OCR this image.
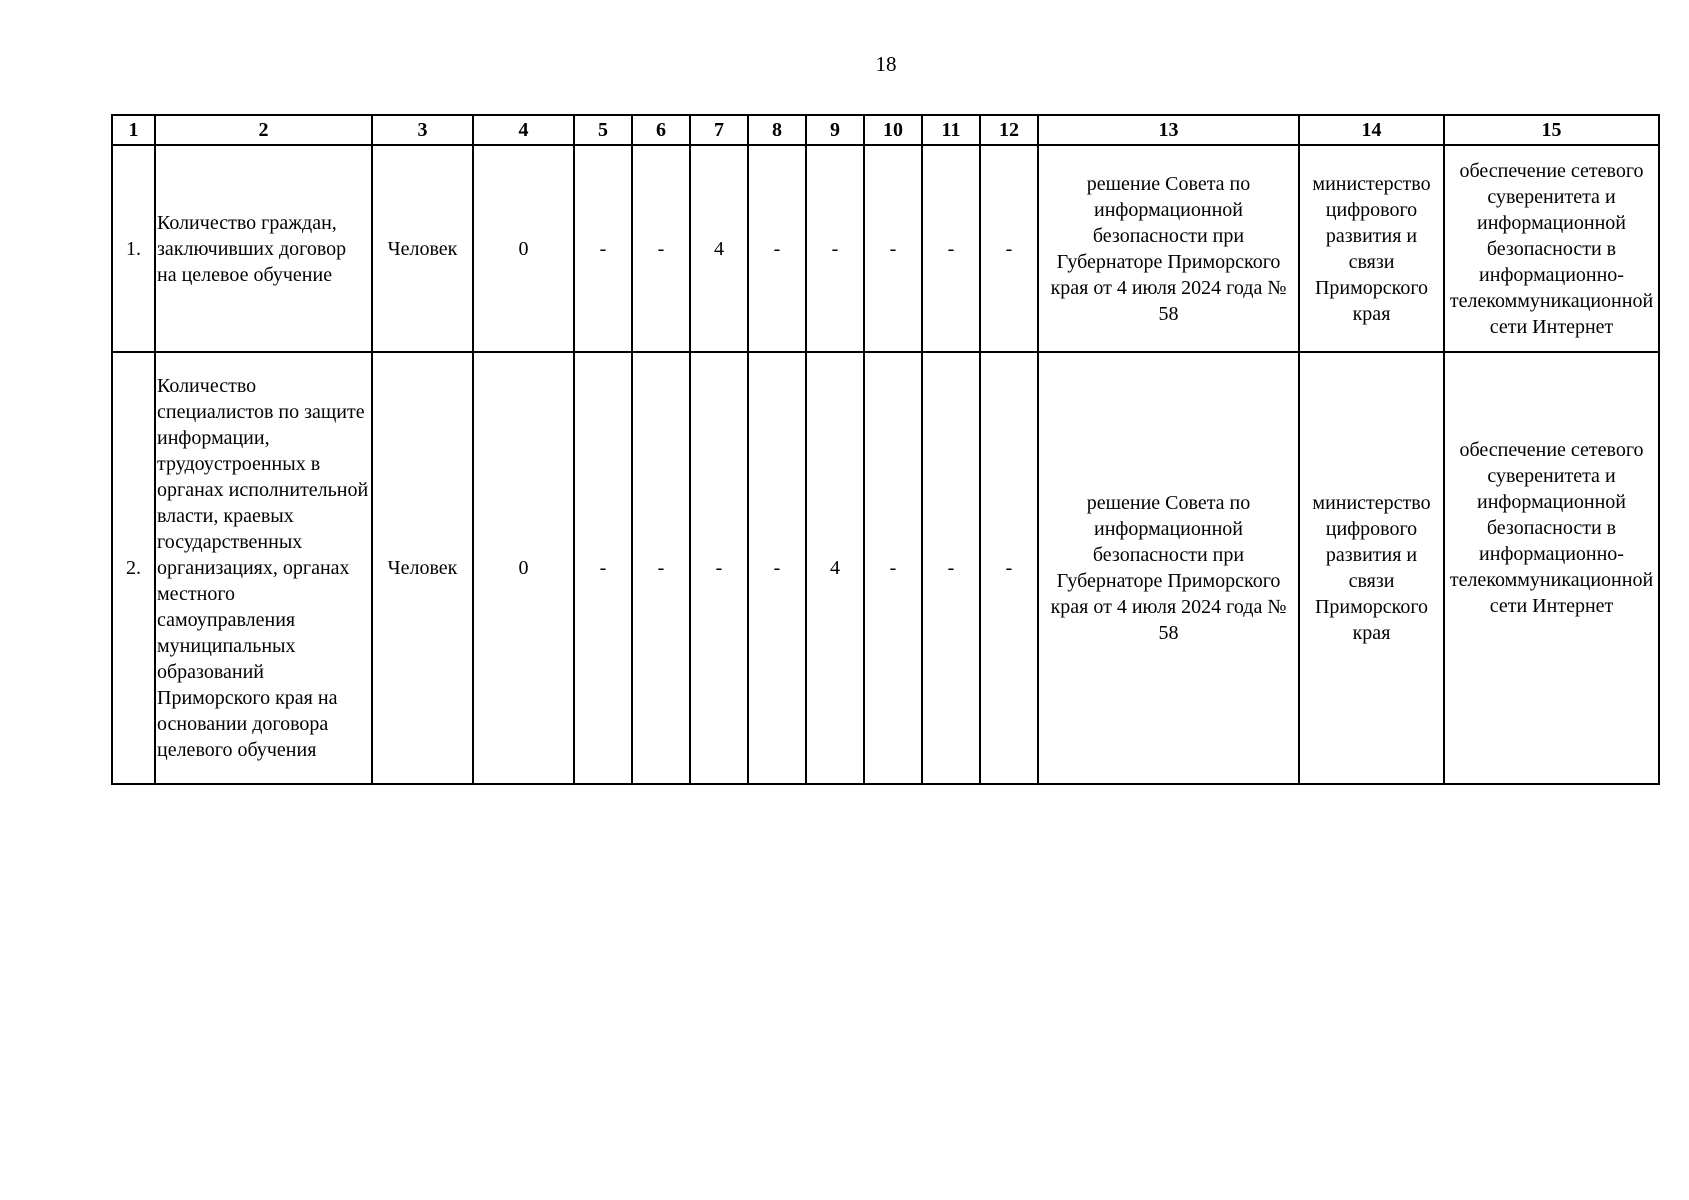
18
1	2	3	4	5	6	7	8	9	10	11	12	13	14	15
1.	Количество граждан, заключивших договор на целевое обучение	Человек	0	-	-	4	-	-	-	-	-	решение Совета по информационной безопасности при Губернаторе Приморского края от 4 июля 2024 года № 58	министерство цифрового развития и связи Приморского края	обеспечение сетевого суверенитета и информационной безопасности в информационно-телекоммуникационной сети Интернет
2.	Количество специалистов по защите информации, трудоустроенных в органах исполнительной власти, краевых государственных организациях, органах местного самоуправления муниципальных образований Приморского края на основании договора целевого обучения	Человек	0	-	-	-	-	4	-	-	-	решение Совета по информационной безопасности при Губернаторе Приморского края от 4 июля 2024 года № 58	министерство цифрового развития и связи Приморского края	обеспечение сетевого суверенитета и информационной безопасности в информационно-телекоммуникационной сети Интернет
